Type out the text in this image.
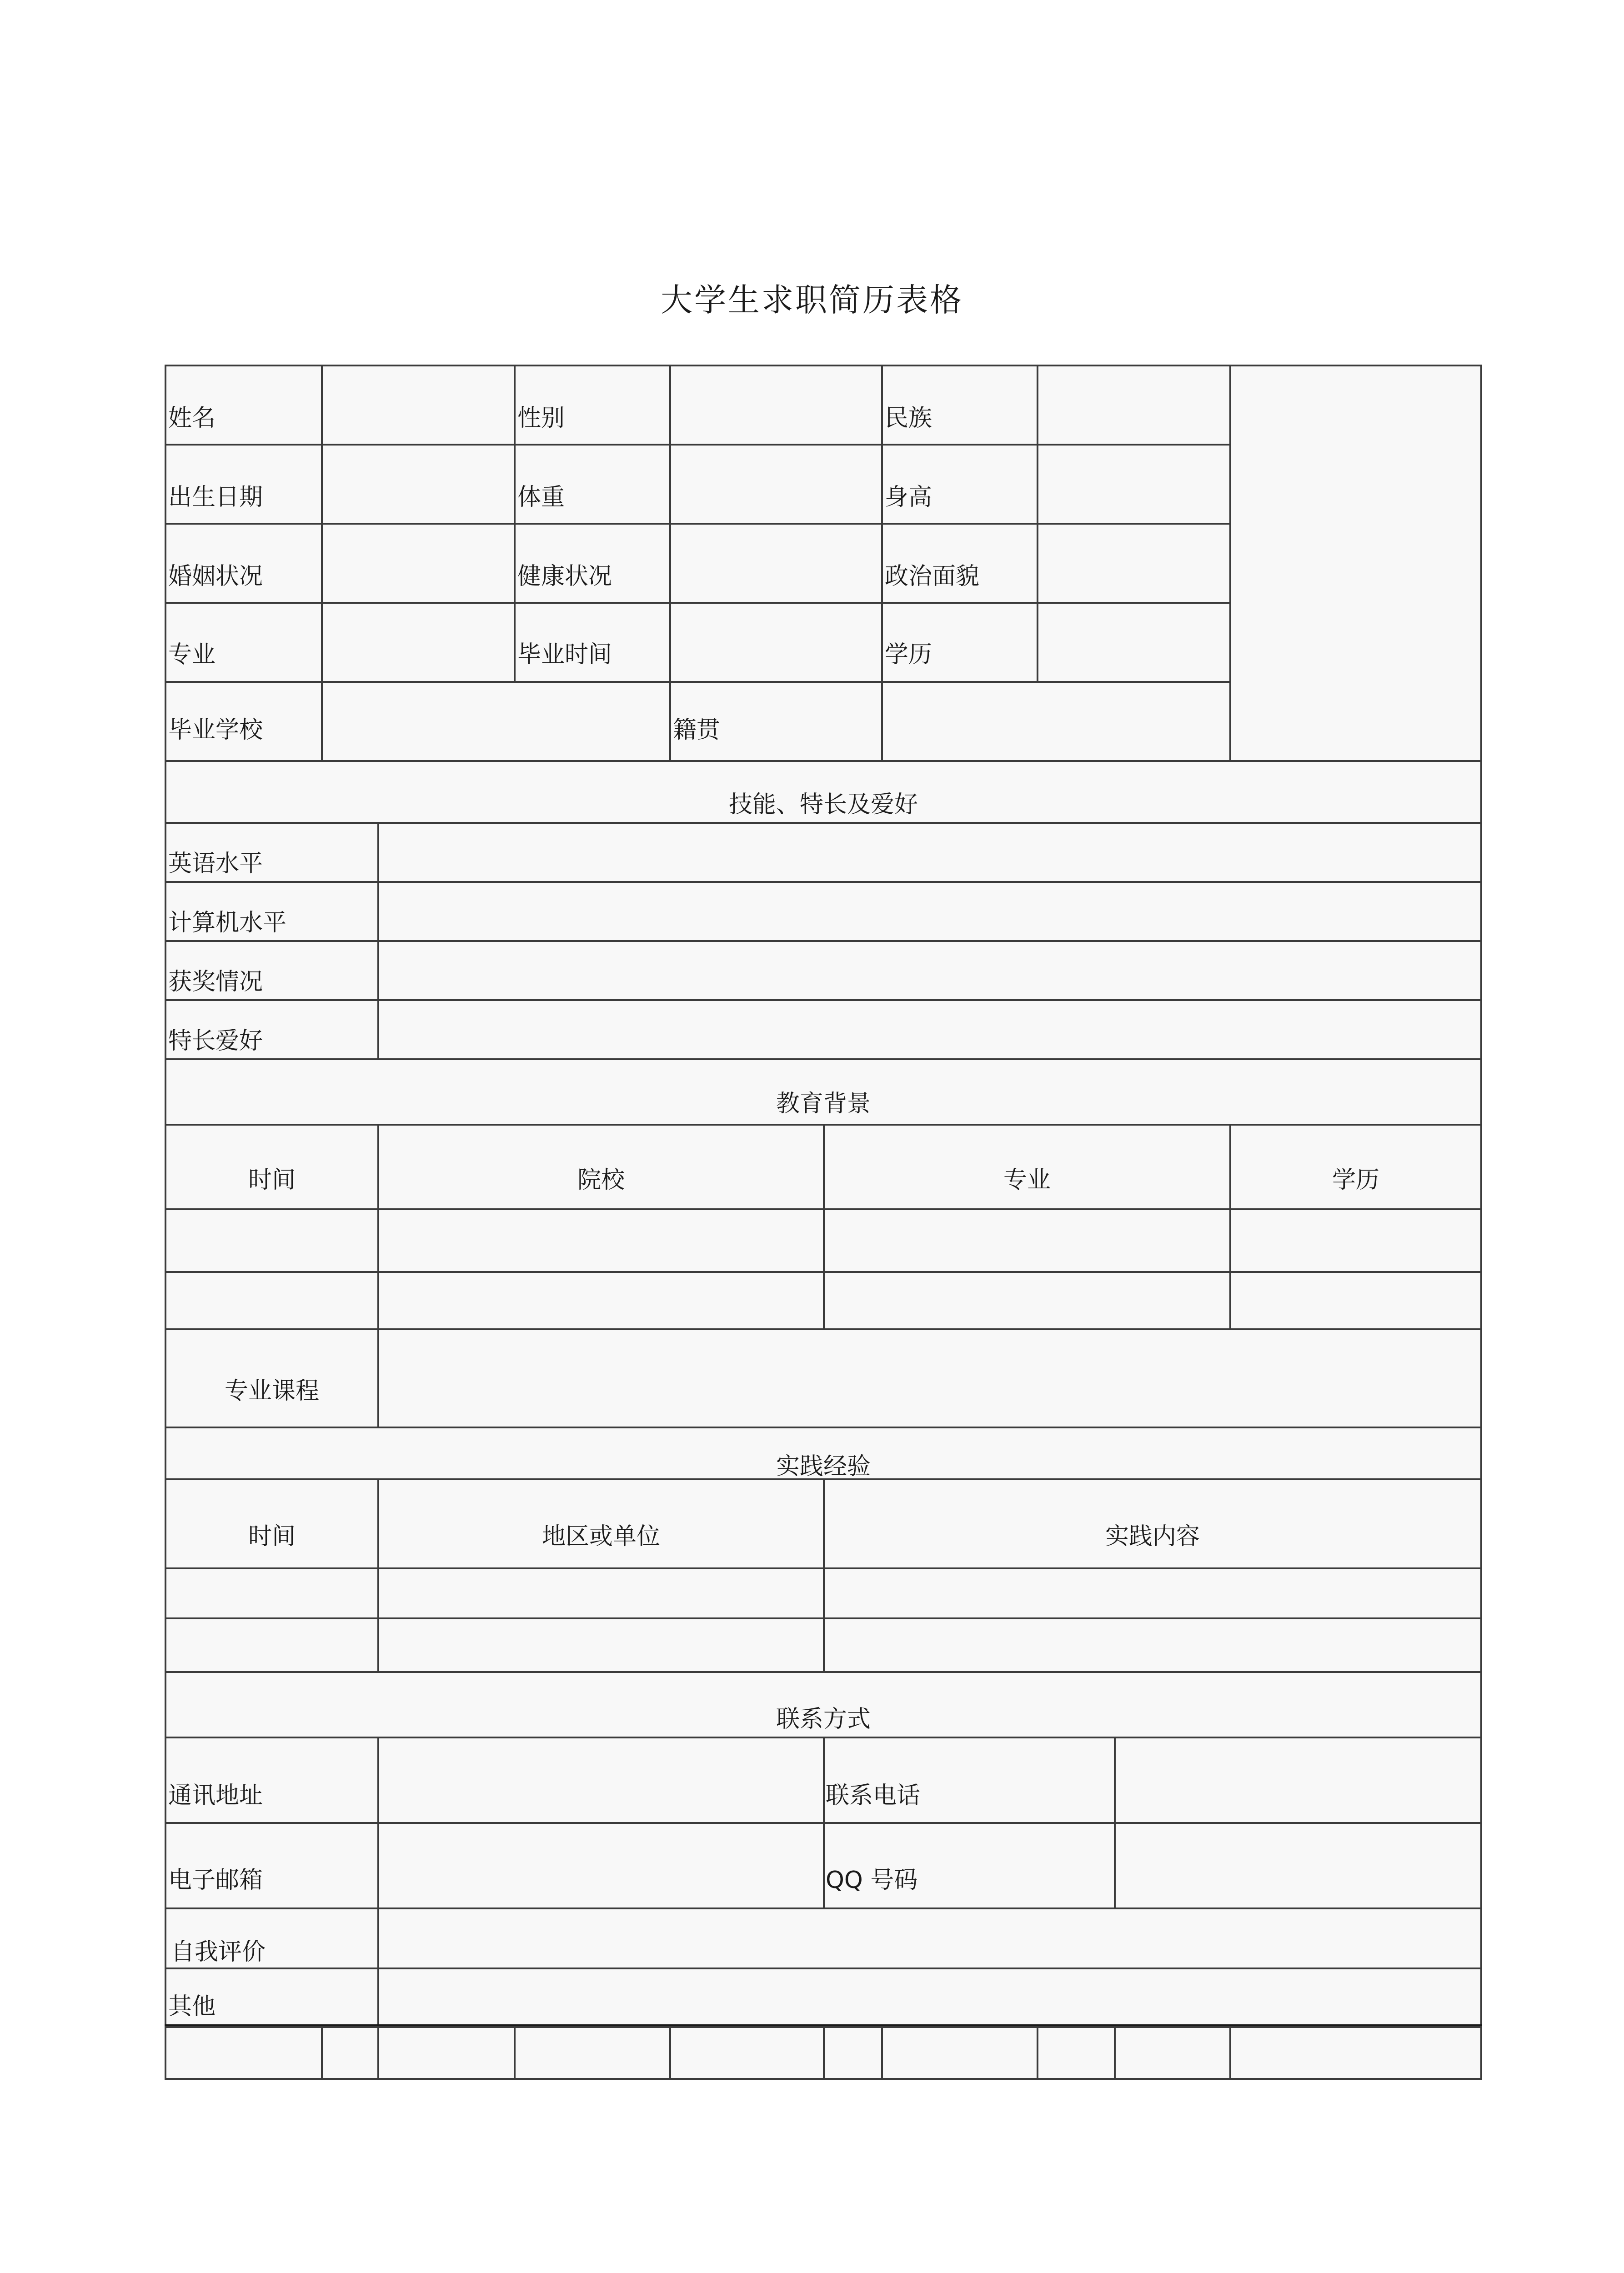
大学生求职简历表格
姓名	性别	民族
出生日期	体重	身高
婚姻状况	健康状况	政治面貌
专业	毕业时间	学历
毕业学校	籍贯
技能、特长及爱好
英语水平
计算机水平
获奖情况
特长爱好
教育背景
时间	院校	专业	学历
专业课程
实践经验
时间	地区或单位	实践内容
联系方式
通讯地址	联系电话
电子邮箱	QQ 号码
自我评价
其他
